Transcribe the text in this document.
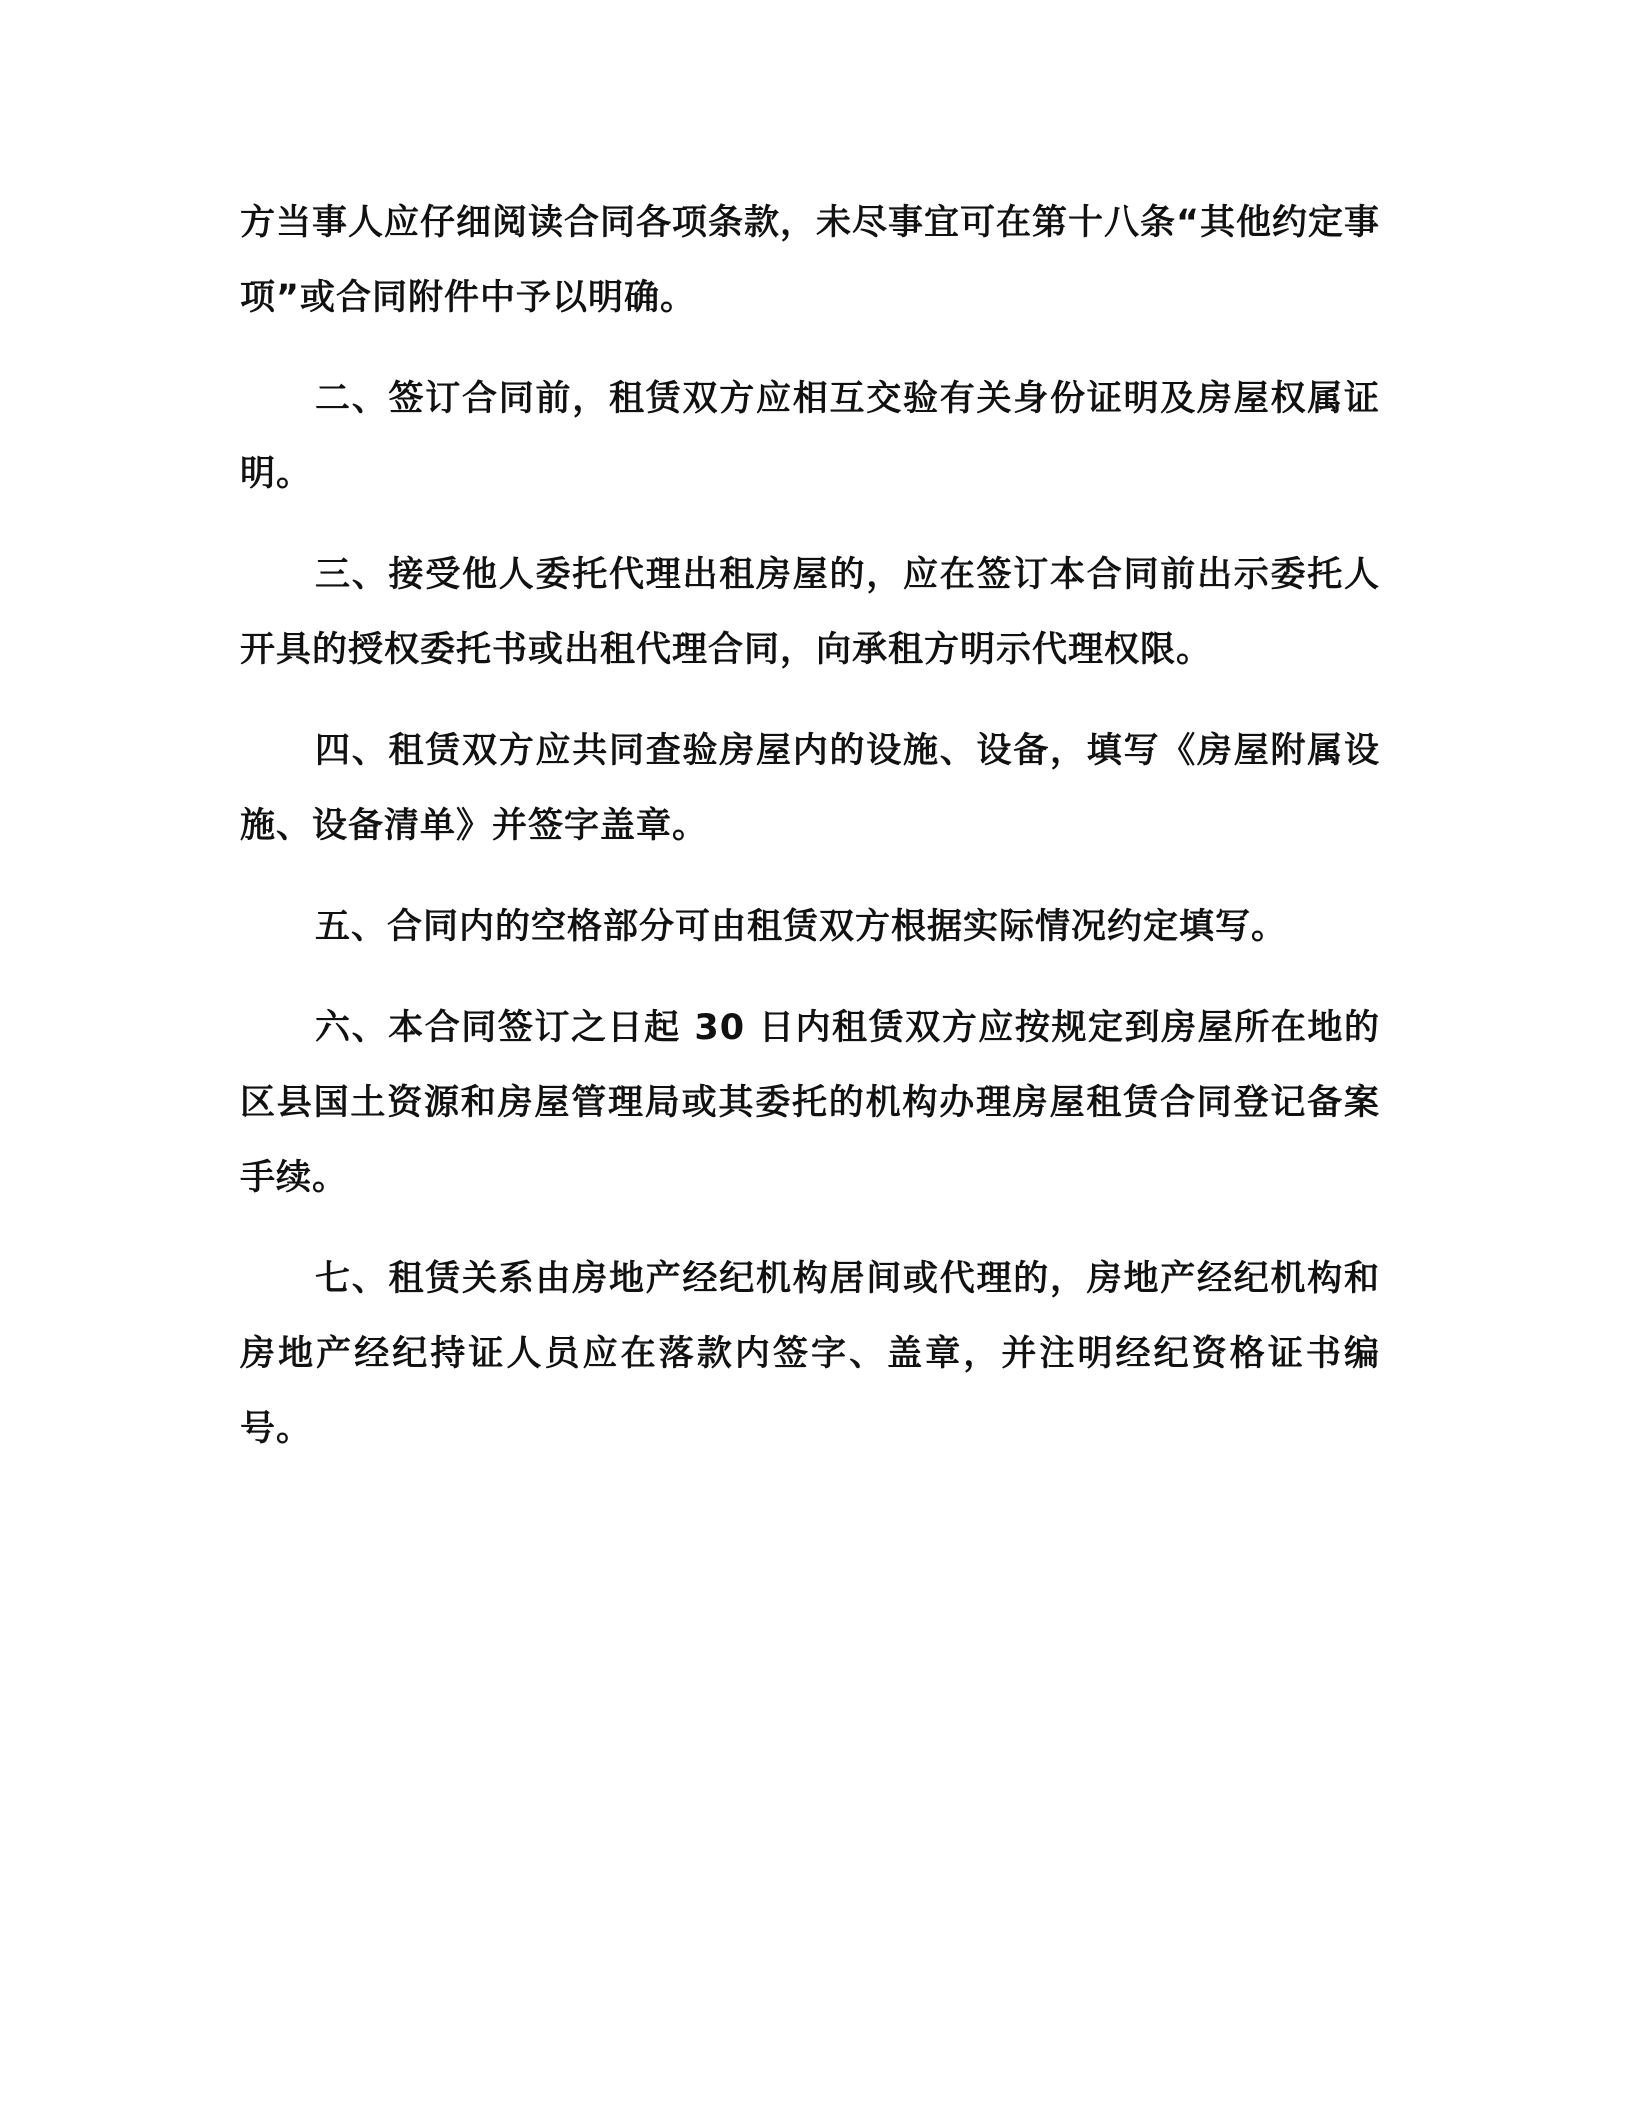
方当事人应仔细阅读合同各项条款，未尽事宜可在第十八条“其他约定事项”或合同附件中予以明确。

二、签订合同前，租赁双方应相互交验有关身份证明及房屋权属证明。

三、接受他人委托代理出租房屋的，应在签订本合同前出示委托人开具的授权委托书或出租代理合同，向承租方明示代理权限。

四、租赁双方应共同查验房屋内的设施、设备，填写《房屋附属设施、设备清单》并签字盖章。

五、合同内的空格部分可由租赁双方根据实际情况约定填写。

六、本合同签订之日起 30 日内租赁双方应按规定到房屋所在地的区县国土资源和房屋管理局或其委托的机构办理房屋租赁合同登记备案手续。

七、租赁关系由房地产经纪机构居间或代理的，房地产经纪机构和房地产经纪持证人员应在落款内签字、盖章，并注明经纪资格证书编号。
